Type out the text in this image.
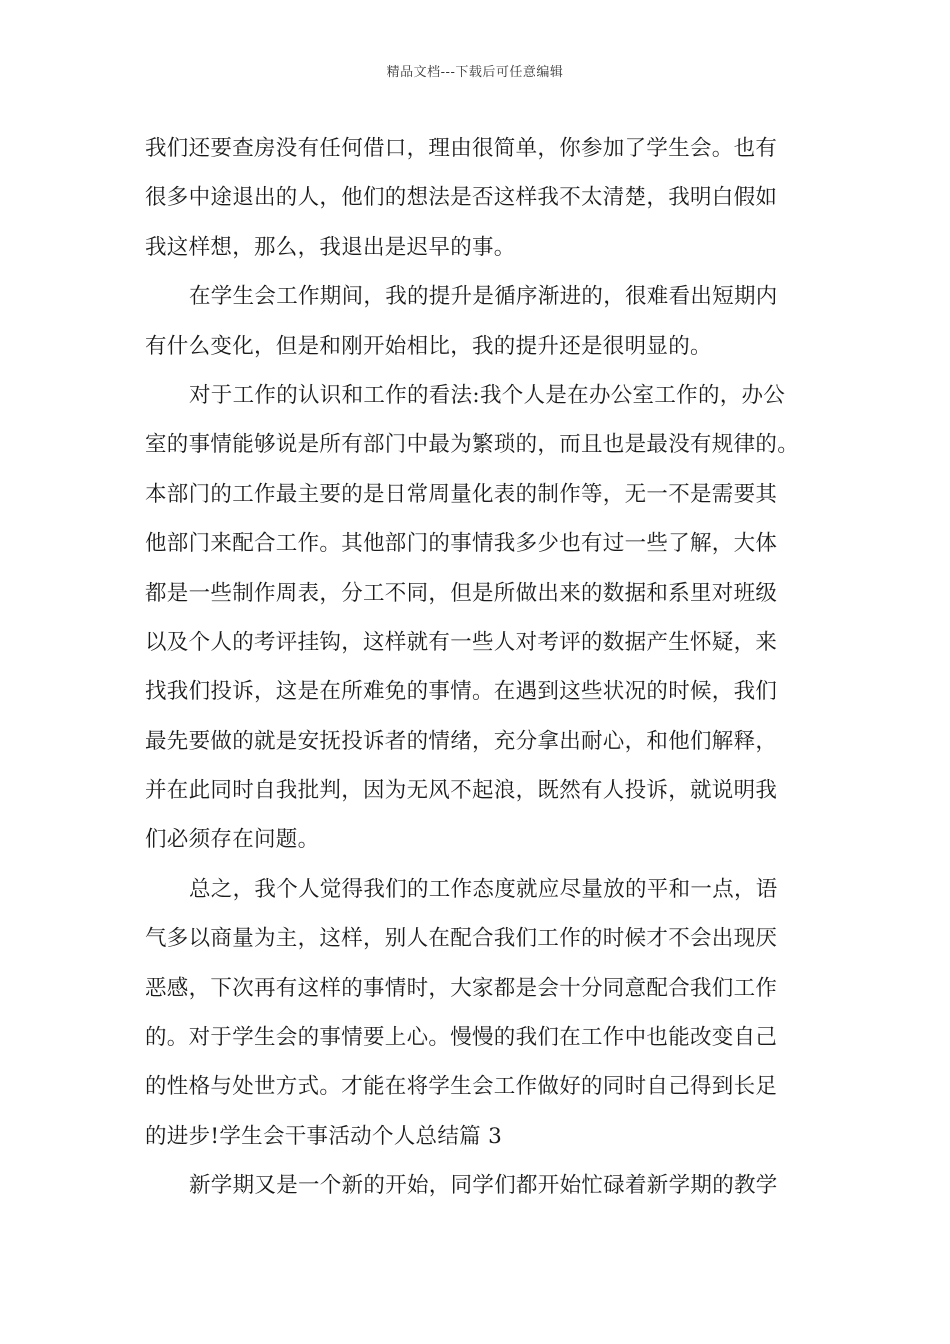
精品文档---下载后可任意编辑
我们还要查房没有任何借口，理由很简单，你参加了学生会。也有
很多中途退出的人，他们的想法是否这样我不太清楚，我明白假如
我这样想，那么，我退出是迟早的事。
在学生会工作期间，我的提升是循序渐进的，很难看出短期内
有什么变化，但是和刚开始相比，我的提升还是很明显的。
对于工作的认识和工作的看法:我个人是在办公室工作的，办公
室的事情能够说是所有部门中最为繁琐的，而且也是最没有规律的。
本部门的工作最主要的是日常周量化表的制作等，无一不是需要其
他部门来配合工作。其他部门的事情我多少也有过一些了解，大体
都是一些制作周表，分工不同，但是所做出来的数据和系里对班级
以及个人的考评挂钩，这样就有一些人对考评的数据产生怀疑，来
找我们投诉，这是在所难免的事情。在遇到这些状况的时候，我们
最先要做的就是安抚投诉者的情绪，充分拿出耐心，和他们解释，
并在此同时自我批判，因为无风不起浪，既然有人投诉，就说明我
们必须存在问题。
总之，我个人觉得我们的工作态度就应尽量放的平和一点，语
气多以商量为主，这样，别人在配合我们工作的时候才不会出现厌
恶感，下次再有这样的事情时，大家都是会十分同意配合我们工作
的。对于学生会的事情要上心。慢慢的我们在工作中也能改变自己
的性格与处世方式。才能在将学生会工作做好的同时自己得到长足
的进步!学生会干事活动个人总结篇 3
新学期又是一个新的开始，同学们都开始忙碌着新学期的教学
